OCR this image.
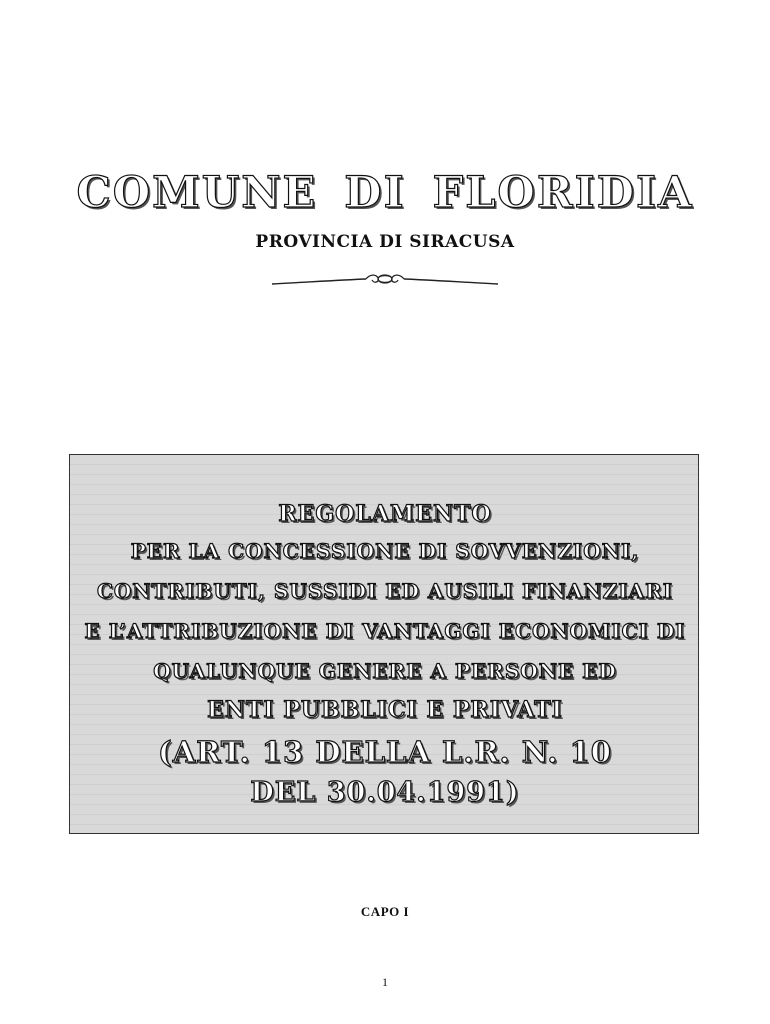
COMUNE DI FLORIDIA
PROVINCIA DI SIRACUSA
REGOLAMENTO
PER LA CONCESSIONE DI SOVVENZIONI,
CONTRIBUTI, SUSSIDI ED AUSILI FINANZIARI
E L’ATTRIBUZIONE DI VANTAGGI ECONOMICI DI
QUALUNQUE GENERE A PERSONE ED
ENTI PUBBLICI E PRIVATI
(ART. 13 DELLA L.R. N. 10
DEL 30.04.1991)
CAPO I
1
